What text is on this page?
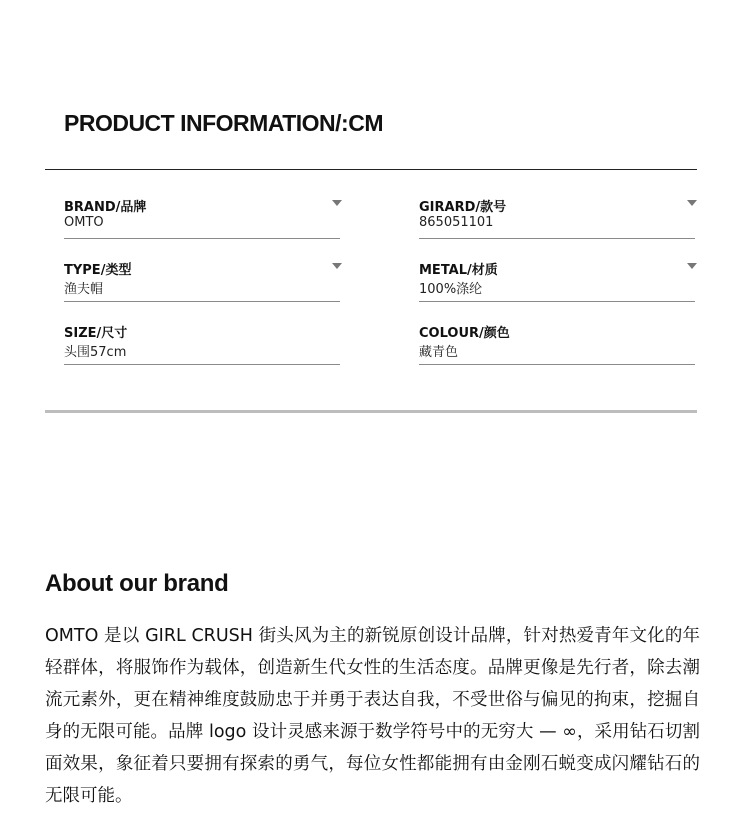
PRODUCT INFORMATION/:CM
BRAND/品牌
OMTO
GIRARD/款号
865051101
TYPE/类型
渔夫帽
METAL/材质
100%涤纶
SIZE/尺寸
头围57cm
COLOUR/颜色
藏青色
About our brand
OMTO 是以 GIRL CRUSH 街头风为主的新锐原创设计品牌，针对热爱青年文化的年轻群体，将服饰作为载体，创造新生代女性的生活态度。品牌更像是先行者，除去潮流元素外，更在精神维度鼓励忠于并勇于表达自我，不受世俗与偏见的拘束，挖掘自身的无限可能。品牌 logo 设计灵感来源于数学符号中的无穷大 — ∞，采用钻石切割面效果，象征着只要拥有探索的勇气，每位女性都能拥有由金刚石蜕变成闪耀钻石的无限可能。
